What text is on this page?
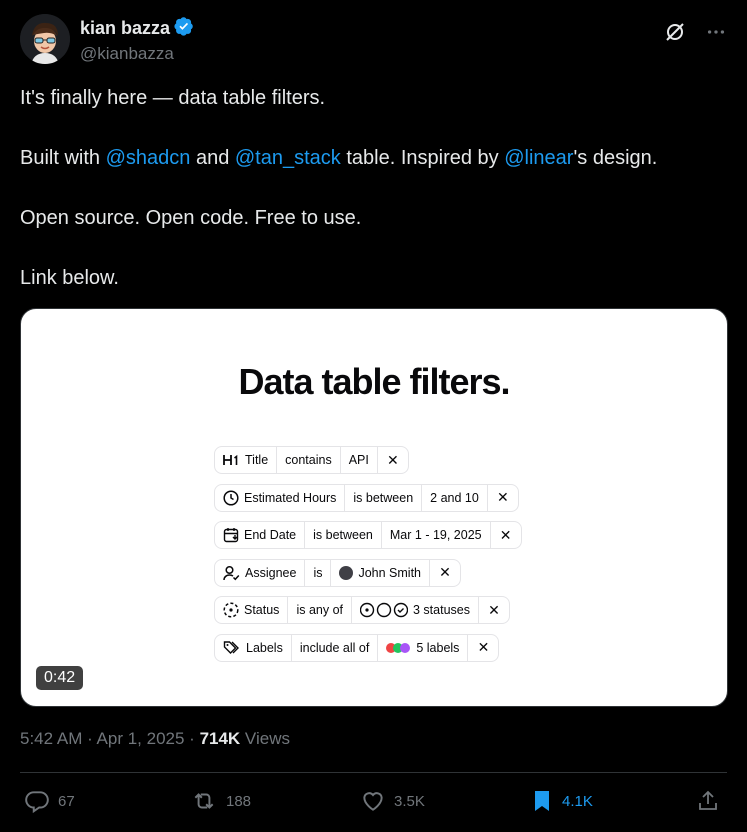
kian bazza
@kianbazza

It's finally here — data table filters.

Built with @shadcn and @tan_stack table. Inspired by @linear's design.

Open source. Open code. Free to use.

Link below.

Data table filters.
Title	contains	API	✕
Estimated Hours	is between	2 and 10	✕
End Date	is between	Mar 1 - 19, 2025	✕
Assignee	is	John Smith	✕
Status	is any of	3 statuses	✕
Labels	include all of	5 labels	✕
0:42
5:42 AM · Apr 1, 2025 · 714K Views
67	188	3.5K	4.1K
